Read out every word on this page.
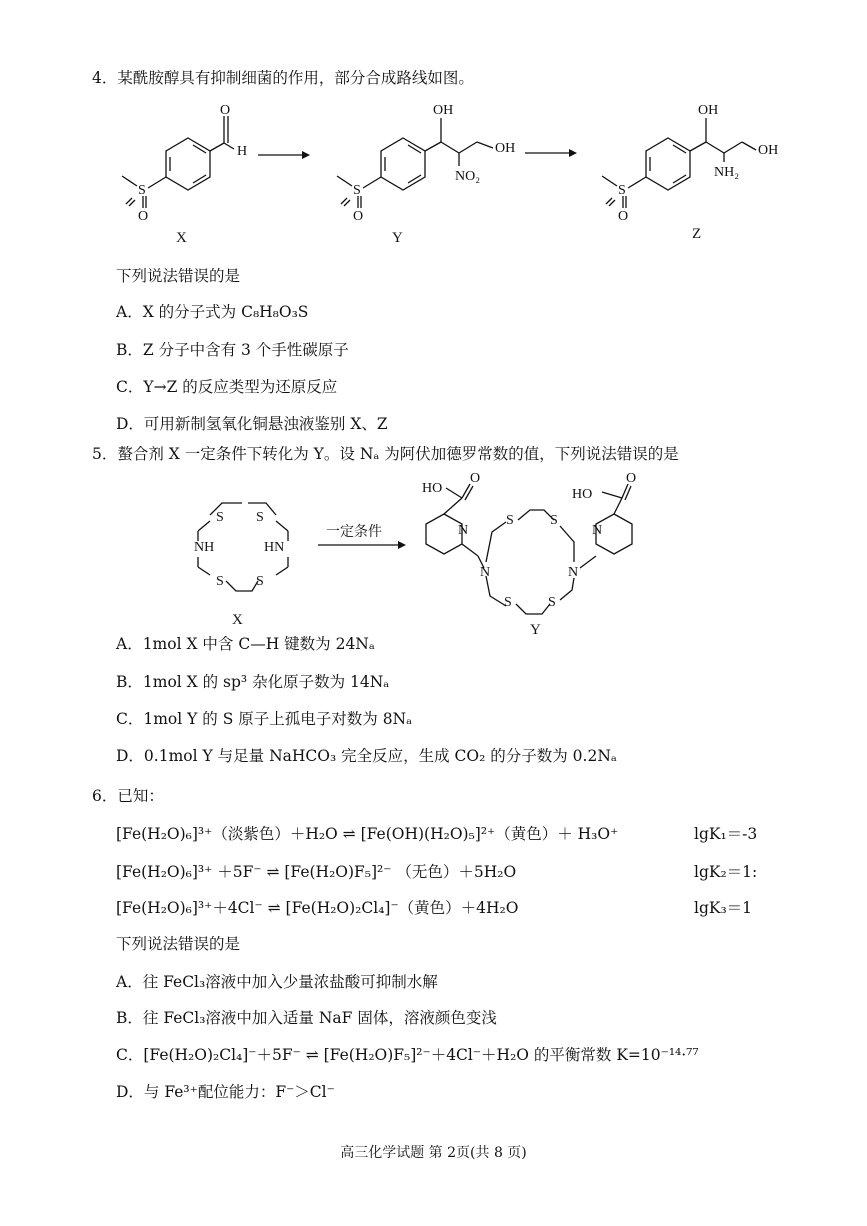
4．某酰胺醇具有抑制细菌的作用，部分合成路线如图。
O
H
S
O
X
OH
NO₂
OH
S
O
Y
OH
NH₂
OH
S
O
Z
下列说法错误的是
A．X 的分子式为 C₈H₈O₃S
B．Z 分子中含有 3 个手性碳原子
C．Y→Z 的反应类型为还原反应
D．可用新制氢氧化铜悬浊液鉴别 X、Z
5．螯合剂 X 一定条件下转化为 Y。设 Nₐ 为阿伏加德罗常数的值，下列说法错误的是
S S
NH	HN
S S
X
一定条件
HO
O
N
N
S	S
N
S	S
N
O
HO
Y
A．1mol X 中含 C—H 键数为 24Nₐ
B．1mol X 的 sp³ 杂化原子数为 14Nₐ
C．1mol Y 的 S 原子上孤电子对数为 8Nₐ
D．0.1mol Y 与足量 NaHCO₃ 完全反应，生成 CO₂ 的分子数为 0.2Nₐ
6．已知：
[Fe(H₂O)₆]³⁺（淡紫色）＋H₂O ⇌ [Fe(OH)(H₂O)₅]²⁺（黄色）＋ H₃O⁺	lgK₁＝-3
[Fe(H₂O)₆]³⁺ ＋5F⁻ ⇌ [Fe(H₂O)F₅]²⁻ （无色）＋5H₂O	lgK₂＝1:
[Fe(H₂O)₆]³⁺＋4Cl⁻ ⇌ [Fe(H₂O)₂Cl₄]⁻（黄色）＋4H₂O	lgK₃＝1
下列说法错误的是
A．往 FeCl₃溶液中加入少量浓盐酸可抑制水解
B．往 FeCl₃溶液中加入适量 NaF 固体，溶液颜色变浅
C．[Fe(H₂O)₂Cl₄]⁻＋5F⁻ ⇌ [Fe(H₂O)F₅]²⁻＋4Cl⁻＋H₂O 的平衡常数 K=10⁻¹⁴·⁷⁷
D．与 Fe³⁺配位能力：F⁻＞Cl⁻
高三化学试题 第 2页(共 8 页)
